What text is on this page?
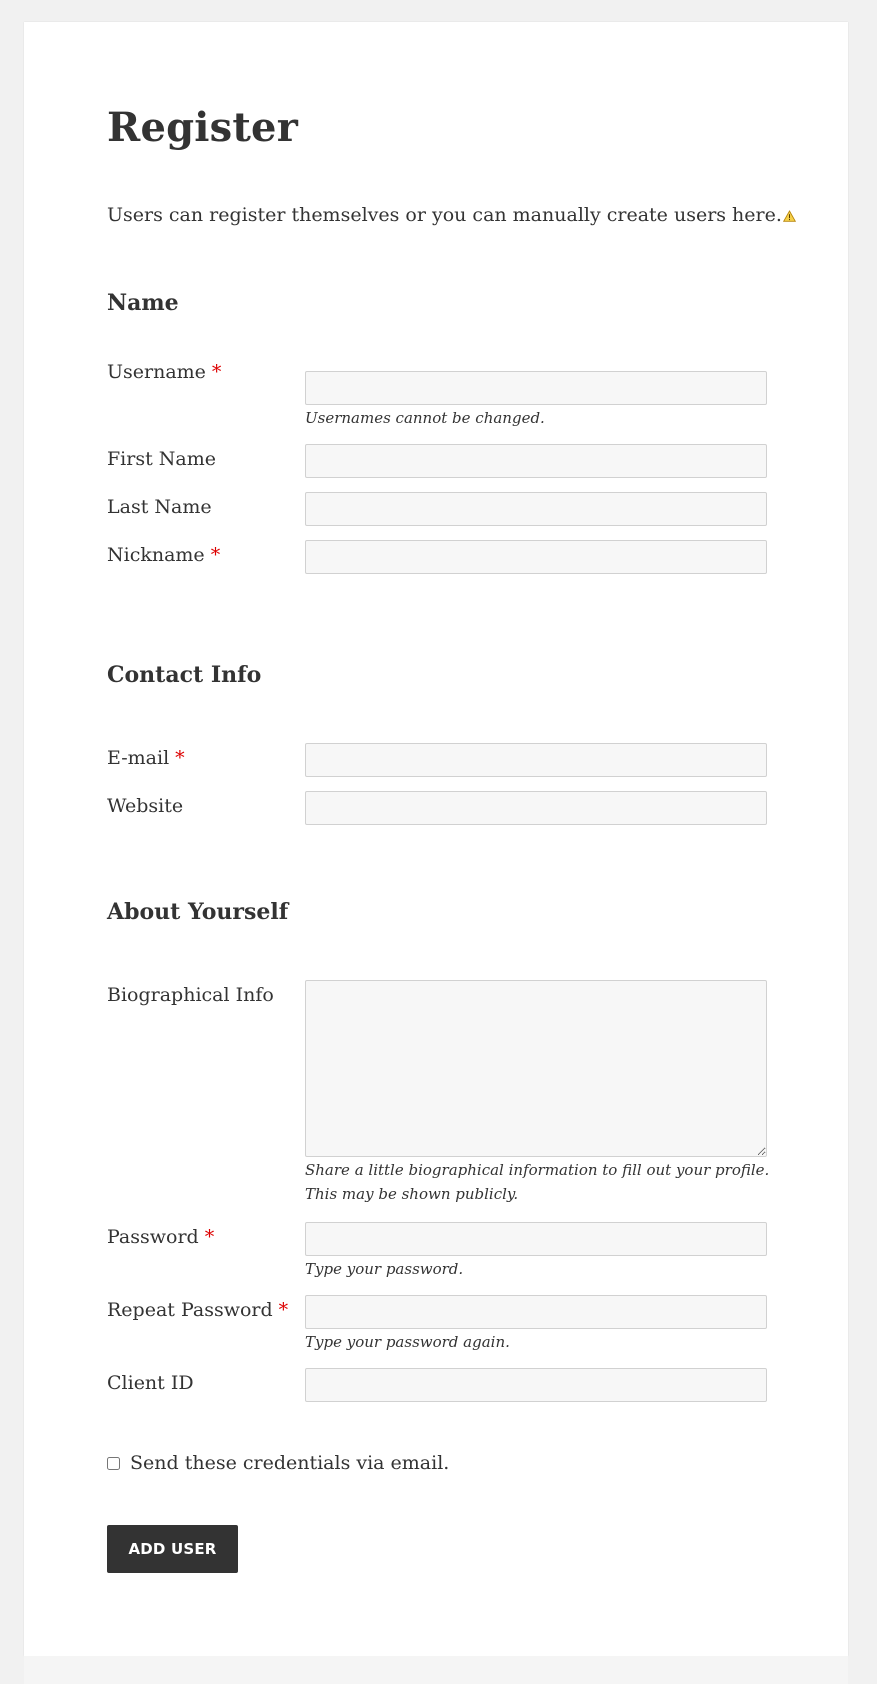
Register

Users can register themselves or you can manually create users here.

Name
Username *
Usernames cannot be changed.
First Name
Last Name
Nickname *
Contact Info
E-mail *
Website
About Yourself
Biographical Info
Share a little biographical information to fill out your profile.
This may be shown publicly.
Password *
Type your password.
Repeat Password *
Type your password again.
Client ID
Send these credentials via email.
ADD USER
